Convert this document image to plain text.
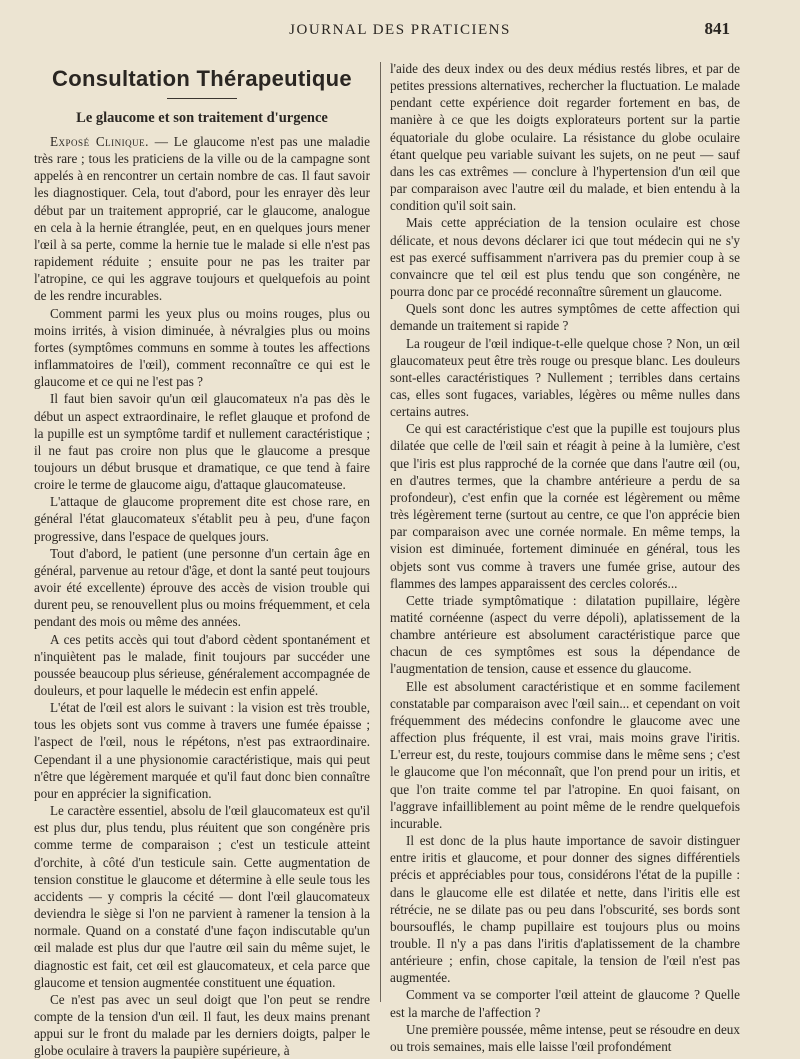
JOURNAL DES PRATICIENS	841
Consultation Thérapeutique
Le glaucome et son traitement d'urgence

Exposé Clinique. — Le glaucome n'est pas une maladie très rare ; tous les praticiens de la ville ou de la campagne sont appelés à en rencontrer un certain nombre de cas. Il faut savoir les diagnostiquer. Cela, tout d'abord, pour les enrayer dès leur début par un traitement approprié, car le glaucome, analogue en cela à la hernie étranglée, peut, en en quelques jours mener l'œil à sa perte, comme la hernie tue le malade si elle n'est pas rapidement réduite ; ensuite pour ne pas les traiter par l'atropine, ce qui les aggrave toujours et quelquefois au point de les rendre incurables.

Comment parmi les yeux plus ou moins rouges, plus ou moins irrités, à vision diminuée, à névralgies plus ou moins fortes (symptômes communs en somme à toutes les affections inflammatoires de l'œil), comment reconnaître ce qui est le glaucome et ce qui ne l'est pas ?

Il faut bien savoir qu'un œil glaucomateux n'a pas dès le début un aspect extraordinaire, le reflet glauque et profond de la pupille est un symptôme tardif et nullement caractéristique ; il ne faut pas croire non plus que le glaucome a presque toujours un début brusque et dramatique, ce que tend à faire croire le terme de glaucome aigu, d'attaque glaucomateuse.

L'attaque de glaucome proprement dite est chose rare, en général l'état glaucomateux s'établit peu à peu, d'une façon progressive, dans l'espace de quelques jours.

Tout d'abord, le patient (une personne d'un certain âge en général, parvenue au retour d'âge, et dont la santé peut toujours avoir été excellente) éprouve des accès de vision trouble qui durent peu, se renouvellent plus ou moins fréquemment, et cela pendant des mois ou même des années.

A ces petits accès qui tout d'abord cèdent spontanément et n'inquiètent pas le malade, finit toujours par succéder une poussée beaucoup plus sérieuse, généralement accompagnée de douleurs, et pour laquelle le médecin est enfin appelé.

L'état de l'œil est alors le suivant : la vision est très trouble, tous les objets sont vus comme à travers une fumée épaisse ; l'aspect de l'œil, nous le répétons, n'est pas extraordinaire. Cependant il a une physionomie caractéristique, mais qui peut n'être que légèrement marquée et qu'il faut donc bien connaître pour en apprécier la signification.

Le caractère essentiel, absolu de l'œil glaucomateux est qu'il est plus dur, plus tendu, plus réuitent que son congénère pris comme terme de comparaison ; c'est un testicule atteint d'orchite, à côté d'un testicule sain. Cette augmentation de tension constitue le glaucome et détermine à elle seule tous les accidents — y compris la cécité — dont l'œil glaucomateux deviendra le siège si l'on ne parvient à ramener la tension à la normale. Quand on a constaté d'une façon indiscutable qu'un œil malade est plus dur que l'autre œil sain du même sujet, le diagnostic est fait, cet œil est glaucomateux, et cela parce que glaucome et tension augmentée constituent une équation.

Ce n'est pas avec un seul doigt que l'on peut se rendre compte de la tension d'un œil. Il faut, les deux mains prenant appui sur le front du malade par les derniers doigts, palper le globe oculaire à travers la paupière supérieure, à

l'aide des deux index ou des deux médius restés libres, et par de petites pressions alternatives, rechercher la fluctuation. Le malade pendant cette expérience doit regarder fortement en bas, de manière à ce que les doigts explorateurs portent sur la partie équatoriale du globe oculaire. La résistance du globe oculaire étant quelque peu variable suivant les sujets, on ne peut — sauf dans les cas extrêmes — conclure à l'hypertension d'un œil que par comparaison avec l'autre œil du malade, et bien entendu à la condition qu'il soit sain.

Mais cette appréciation de la tension oculaire est chose délicate, et nous devons déclarer ici que tout médecin qui ne s'y est pas exercé suffisamment n'arrivera pas du premier coup à se convaincre que tel œil est plus tendu que son congénère, ne pourra donc par ce procédé reconnaître sûrement un glaucome.

Quels sont donc les autres symptômes de cette affection qui demande un traitement si rapide ?

La rougeur de l'œil indique-t-elle quelque chose ? Non, un œil glaucomateux peut être très rouge ou presque blanc. Les douleurs sont-elles caractéristiques ? Nullement ; terribles dans certains cas, elles sont fugaces, variables, légères ou même nulles dans certains autres.

Ce qui est caractéristique c'est que la pupille est toujours plus dilatée que celle de l'œil sain et réagit à peine à la lumière, c'est que l'iris est plus rapproché de la cornée que dans l'autre œil (ou, en d'autres termes, que la chambre antérieure a perdu de sa profondeur), c'est enfin que la cornée est légèrement ou même très légèrement terne (surtout au centre, ce que l'on apprécie bien par comparaison avec une cornée normale. En même temps, la vision est diminuée, fortement diminuée en général, tous les objets sont vus comme à travers une fumée grise, autour des flammes des lampes apparaissent des cercles colorés...

Cette triade symptômatique : dilatation pupillaire, légère matité cornéenne (aspect du verre dépoli), aplatissement de la chambre antérieure est absolument caractéristique parce que chacun de ces symptômes est sous la dépendance de l'augmentation de tension, cause et essence du glaucome.

Elle est absolument caractéristique et en somme facilement constatable par comparaison avec l'œil sain... et cependant on voit fréquemment des médecins confondre le glaucome avec une affection plus fréquente, il est vrai, mais moins grave l'iritis. L'erreur est, du reste, toujours commise dans le même sens ; c'est le glaucome que l'on méconnaît, que l'on prend pour un iritis, et que l'on traite comme tel par l'atropine. En quoi faisant, on l'aggrave infailliblement au point même de le rendre quelquefois incurable.

Il est donc de la plus haute importance de savoir distinguer entre iritis et glaucome, et pour donner des signes différentiels précis et appréciables pour tous, considérons l'état de la pupille : dans le glaucome elle est dilatée et nette, dans l'iritis elle est rétrécie, ne se dilate pas ou peu dans l'obscurité, ses bords sont boursouflés, le champ pupillaire est toujours plus ou moins trouble. Il n'y a pas dans l'iritis d'aplatissement de la chambre antérieure ; enfin, chose capitale, la tension de l'œil n'est pas augmentée.

Comment va se comporter l'œil atteint de glaucome ? Quelle est la marche de l'affection ?

Une première poussée, même intense, peut se résoudre en deux ou trois semaines, mais elle laisse l'œil profondément
